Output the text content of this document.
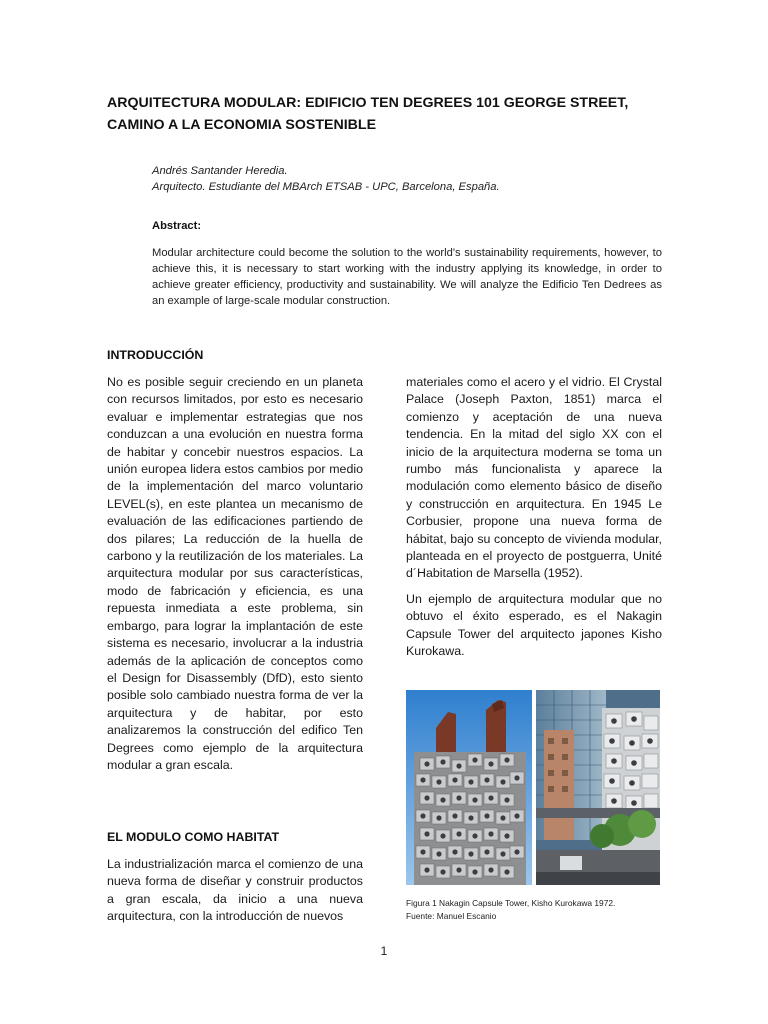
ARQUITECTURA MODULAR: EDIFICIO TEN DEGREES 101 GEORGE STREET, CAMINO A LA ECONOMIA SOSTENIBLE
Andrés Santander Heredia.
Arquitecto. Estudiante del MBArch ETSAB - UPC, Barcelona, España.
Abstract:
Modular architecture could become the solution to the world's sustainability requirements, however, to achieve this, it is necessary to start working with the industry applying its knowledge, in order to achieve greater efficiency, productivity and sustainability. We will analyze the Edificio Ten Dedrees as an example of large-scale modular construction.
INTRODUCCIÓN

No es posible seguir creciendo en un planeta con recursos limitados, por esto es necesario evaluar e implementar estrategias que nos conduzcan a una evolución en nuestra forma de habitar y concebir nuestros espacios. La unión europea lidera estos cambios por medio de la implementación del marco voluntario LEVEL(s), en este plantea un mecanismo de evaluación de las edificaciones partiendo de dos pilares; La reducción de la huella de carbono y la reutilización de los materiales. La arquitectura modular por sus características, modo de fabricación y eficiencia, es una repuesta inmediata a este problema, sin embargo, para lograr la implantación de este sistema es necesario, involucrar a la industria además de la aplicación de conceptos como el Design for Disassembly (DfD), esto siento posible solo cambiado nuestra forma de ver la arquitectura y de habitar, por esto analizaremos la construcción del edifico Ten Degrees como ejemplo de la arquitectura modular a gran escala.

EL MODULO COMO HABITAT
La industrialización marca el comienzo de una nueva forma de diseñar y construir productos a gran escala, da inicio a una nueva arquitectura, con la introducción de nuevos

materiales como el acero y el vidrio. El Crystal Palace (Joseph Paxton, 1851) marca el comienzo y aceptación de una nueva tendencia. En la mitad del siglo XX con el inicio de la arquitectura moderna se toma un rumbo más funcionalista y aparece la modulación como elemento básico de diseño y construcción en arquitectura. En 1945 Le Corbusier, propone una nueva forma de hábitat, bajo su concepto de vivienda modular, planteada en el proyecto de postguerra, Unité d´Habitation de Marsella (1952).

Un ejemplo de arquitectura modular que no obtuvo el éxito esperado, es el Nakagin Capsule Tower del arquitecto japones Kisho Kurokawa.

Figura 1 Nakagin Capsule Tower, Kisho Kurokawa 1972.
Fuente: Manuel Escanio
1
